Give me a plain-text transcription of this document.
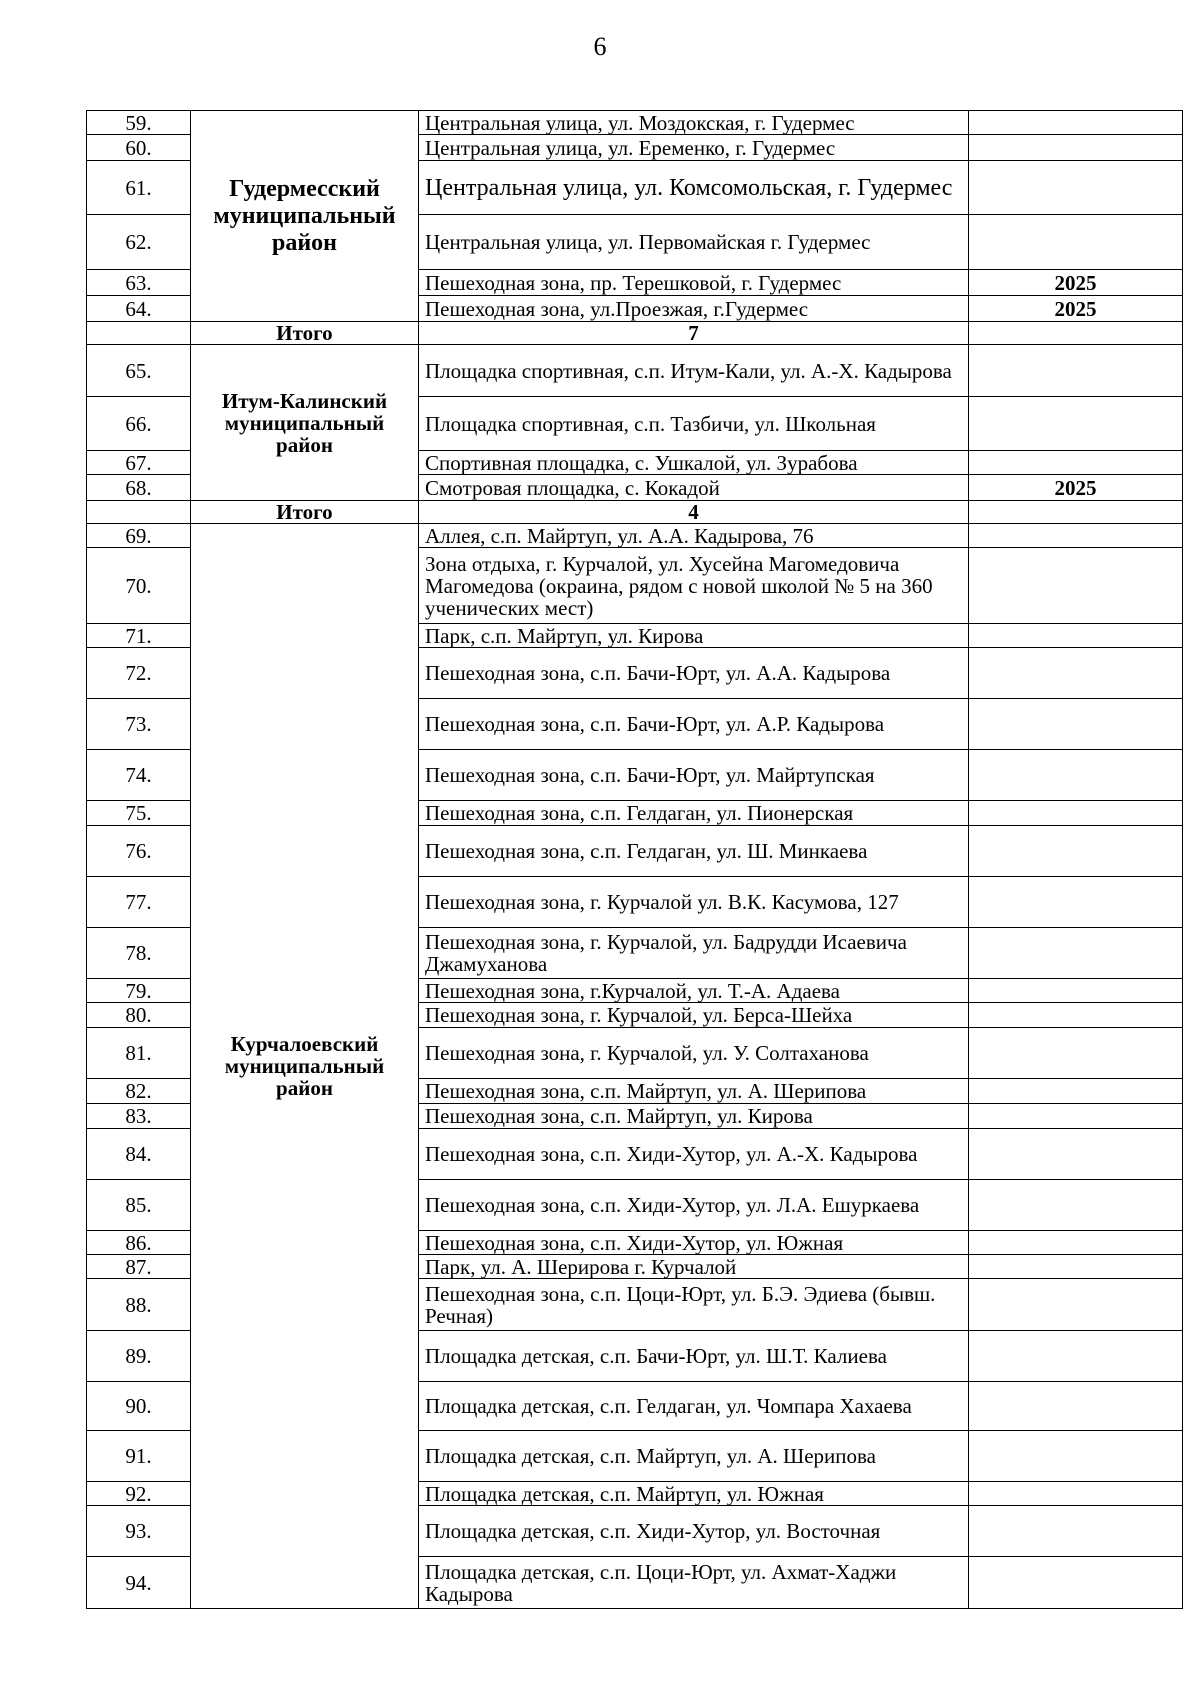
6
59.	Гудермесский муниципальный район	Центральная улица, ул. Моздокская, г. Гудермес	
60.		Центральная улица, ул. Еременко, г. Гудермес	
61.		Центральная улица, ул. Комсомольская, г. Гудермес	
62.		Центральная улица, ул. Первомайская г. Гудермес	
63.		Пешеходная зона, пр. Терешковой, г. Гудермес	2025
64.		Пешеходная зона, ул.Проезжая, г.Гудермес	2025
	Итого	7	
65.	Итум-Калинский муниципальный район	Площадка спортивная, с.п. Итум-Кали, ул. А.-Х. Кадырова	
66.		Площадка спортивная, с.п. Тазбичи, ул. Школьная	
67.		Спортивная площадка, с. Ушкалой, ул. Зурабова	
68.		Смотровая площадка, с. Кокадой	2025
	Итого	4	
69.	Курчалоевский муниципальный район	Аллея, с.п. Майртуп, ул. А.А. Кадырова, 76	
70.		Зона отдыха, г. Курчалой, ул. Хусейна Магомедовича Магомедова (окраина, рядом с новой школой № 5 на 360 ученических мест)	
71.		Парк, с.п. Майртуп, ул. Кирова	
72.		Пешеходная зона, с.п. Бачи-Юрт, ул. А.А. Кадырова	
73.		Пешеходная зона, с.п. Бачи-Юрт, ул. А.Р. Кадырова	
74.		Пешеходная зона, с.п. Бачи-Юрт, ул. Майртупская	
75.		Пешеходная зона, с.п. Гелдаган, ул. Пионерская	
76.		Пешеходная зона, с.п. Гелдаган, ул. Ш. Минкаева	
77.		Пешеходная зона, г. Курчалой ул. В.К. Касумова, 127	
78.		Пешеходная зона, г. Курчалой, ул. Бадрудди Исаевича Джамуханова	
79.		Пешеходная зона, г.Курчалой, ул. Т.-А. Адаева	
80.		Пешеходная зона, г. Курчалой, ул. Берса-Шейха	
81.		Пешеходная зона, г. Курчалой, ул. У. Солтаханова	
82.		Пешеходная зона, с.п. Майртуп, ул. А. Шерипова	
83.		Пешеходная зона, с.п. Майртуп, ул. Кирова	
84.		Пешеходная зона, с.п. Хиди-Хутор, ул. А.-Х. Кадырова	
85.		Пешеходная зона, с.п. Хиди-Хутор, ул. Л.А. Ешуркаева	
86.		Пешеходная зона, с.п. Хиди-Хутор, ул. Южная	
87.		Парк, ул. А. Шерирова г. Курчалой	
88.		Пешеходная зона, с.п. Цоци-Юрт, ул. Б.Э. Эдиева (бывш. Речная)	
89.		Площадка детская, с.п. Бачи-Юрт, ул. Ш.Т. Калиева	
90.		Площадка детская, с.п. Гелдаган, ул. Чомпара Хахаева	
91.		Площадка детская, с.п. Майртуп, ул. А. Шерипова	
92.		Площадка детская, с.п. Майртуп, ул. Южная	
93.		Площадка детская, с.п. Хиди-Хутор, ул. Восточная	
94.		Площадка детская, с.п. Цоци-Юрт, ул. Ахмат-Хаджи Кадырова	
